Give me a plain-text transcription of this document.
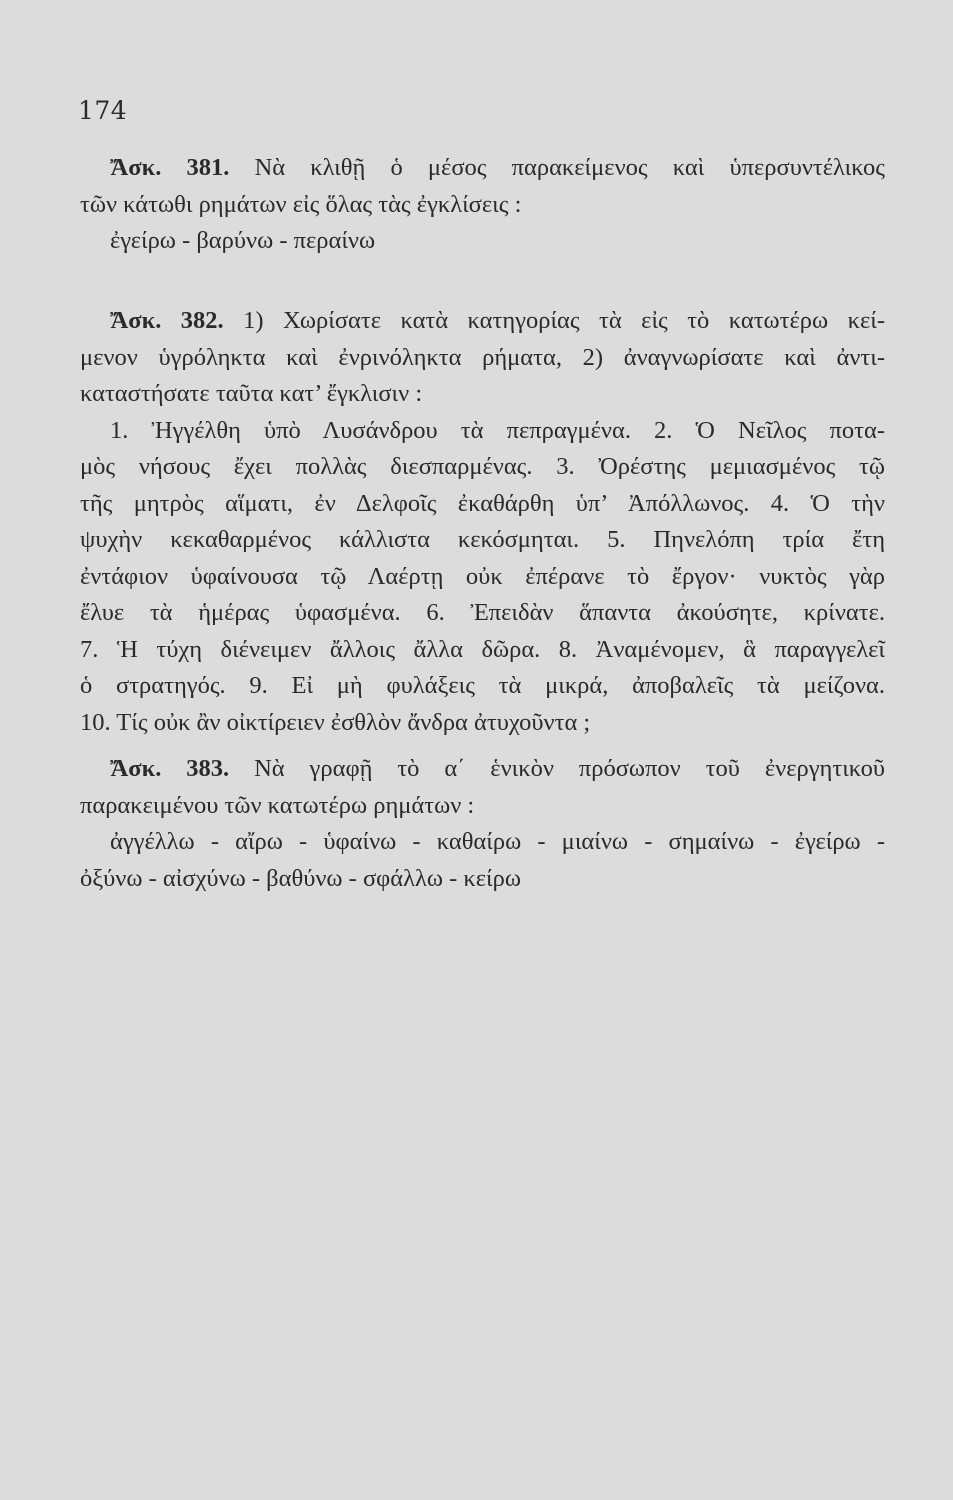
174
Ἄσκ. 381. Νὰ κλιθῇ ὁ μέσος παρακείμενος καὶ ὑπερσυντέλικος
τῶν κάτωθι ρημάτων εἰς ὅλας τὰς ἐγκλίσεις :
ἐγείρω - βαρύνω - περαίνω
Ἄσκ. 382. 1) Χωρίσατε κατὰ κατηγορίας τὰ εἰς τὸ κατωτέρω κεί-
μενον ὑγρόληκτα καὶ ἐνρινόληκτα ρήματα, 2) ἀναγνωρίσατε καὶ ἀντι-
καταστήσατε ταῦτα κατ’ ἔγκλισιν :
1. Ἠγγέλθη ὑπὸ Λυσάνδρου τὰ πεπραγμένα. 2. Ὁ Νεῖλος ποτα-
μὸς νήσους ἔχει πολλὰς διεσπαρμένας. 3. Ὀρέστης μεμιασμένος τῷ
τῆς μητρὸς αἵματι, ἐν Δελφοῖς ἐκαθάρθη ὑπ’ Ἀπόλλωνος. 4. Ὁ τὴν
ψυχὴν κεκαθαρμένος κάλλιστα κεκόσμηται. 5. Πηνελόπη τρία ἔτη
ἐντάφιον ὑφαίνουσα τῷ Λαέρτῃ οὐκ ἐπέρανε τὸ ἔργον· νυκτὸς γὰρ
ἔλυε τὰ ἡμέρας ὑφασμένα. 6. Ἐπειδὰν ἅπαντα ἀκούσητε, κρίνατε.
7. Ἡ τύχη διένειμεν ἄλλοις ἄλλα δῶρα. 8. Ἀναμένομεν, ἃ παραγγελεῖ
ὁ στρατηγός. 9. Εἰ μὴ φυλάξεις τὰ μικρά, ἀποβαλεῖς τὰ μείζονα.
10. Τίς οὐκ ἂν οἰκτίρειεν ἐσθλὸν ἄνδρα ἀτυχοῦντα ;
Ἄσκ. 383. Νὰ γραφῇ τὸ α΄ ἑνικὸν πρόσωπον τοῦ ἐνεργητικοῦ
παρακειμένου τῶν κατωτέρω ρημάτων :
ἀγγέλλω - αἴρω - ὑφαίνω - καθαίρω - μιαίνω - σημαίνω - ἐγείρω -
ὀξύνω - αἰσχύνω - βαθύνω - σφάλλω - κείρω
